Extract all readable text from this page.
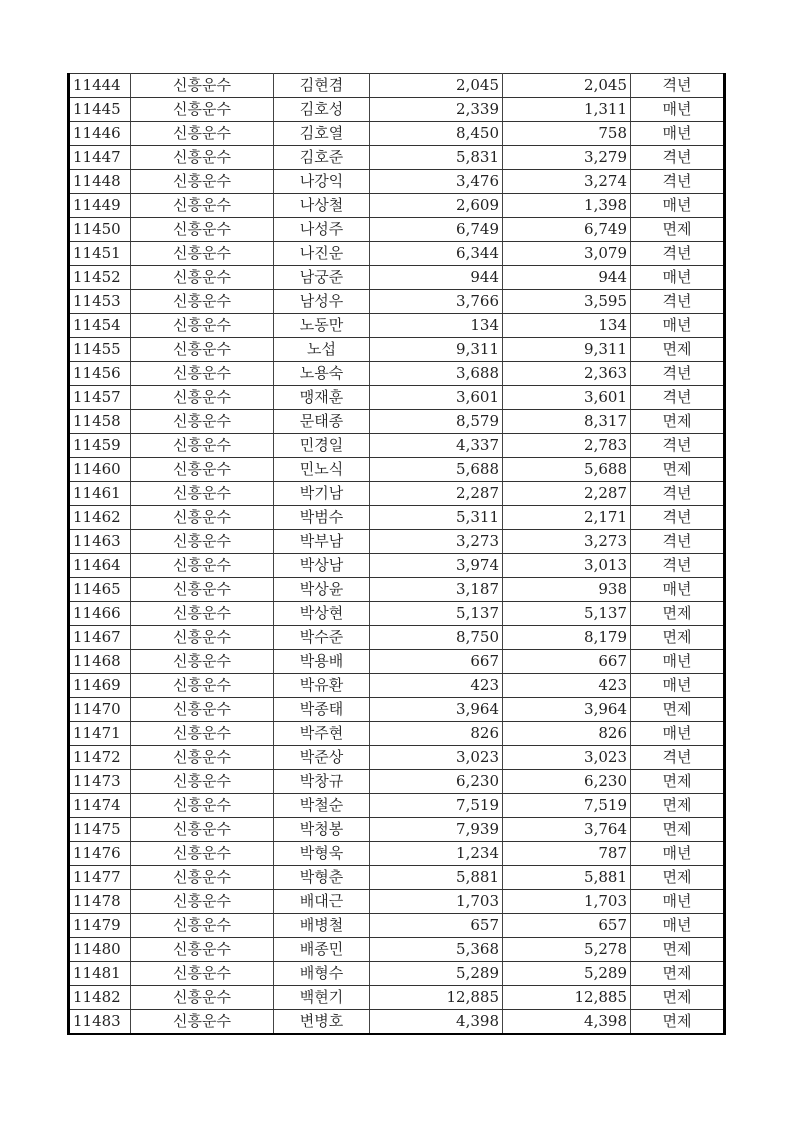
11444	신흥운수	김현겸	2,045	2,045	격년
11445	신흥운수	김호성	2,339	1,311	매년
11446	신흥운수	김호열	8,450	758	매년
11447	신흥운수	김호준	5,831	3,279	격년
11448	신흥운수	나강익	3,476	3,274	격년
11449	신흥운수	나상철	2,609	1,398	매년
11450	신흥운수	나성주	6,749	6,749	면제
11451	신흥운수	나진운	6,344	3,079	격년
11452	신흥운수	남궁준	944	944	매년
11453	신흥운수	남성우	3,766	3,595	격년
11454	신흥운수	노동만	134	134	매년
11455	신흥운수	노섭	9,311	9,311	면제
11456	신흥운수	노용숙	3,688	2,363	격년
11457	신흥운수	맹재훈	3,601	3,601	격년
11458	신흥운수	문태종	8,579	8,317	면제
11459	신흥운수	민경일	4,337	2,783	격년
11460	신흥운수	민노식	5,688	5,688	면제
11461	신흥운수	박기남	2,287	2,287	격년
11462	신흥운수	박범수	5,311	2,171	격년
11463	신흥운수	박부남	3,273	3,273	격년
11464	신흥운수	박상남	3,974	3,013	격년
11465	신흥운수	박상윤	3,187	938	매년
11466	신흥운수	박상현	5,137	5,137	면제
11467	신흥운수	박수준	8,750	8,179	면제
11468	신흥운수	박용배	667	667	매년
11469	신흥운수	박유환	423	423	매년
11470	신흥운수	박종태	3,964	3,964	면제
11471	신흥운수	박주현	826	826	매년
11472	신흥운수	박준상	3,023	3,023	격년
11473	신흥운수	박창규	6,230	6,230	면제
11474	신흥운수	박철순	7,519	7,519	면제
11475	신흥운수	박청봉	7,939	3,764	면제
11476	신흥운수	박형욱	1,234	787	매년
11477	신흥운수	박형춘	5,881	5,881	면제
11478	신흥운수	배대근	1,703	1,703	매년
11479	신흥운수	배병철	657	657	매년
11480	신흥운수	배종민	5,368	5,278	면제
11481	신흥운수	배형수	5,289	5,289	면제
11482	신흥운수	백현기	12,885	12,885	면제
11483	신흥운수	변병호	4,398	4,398	면제
